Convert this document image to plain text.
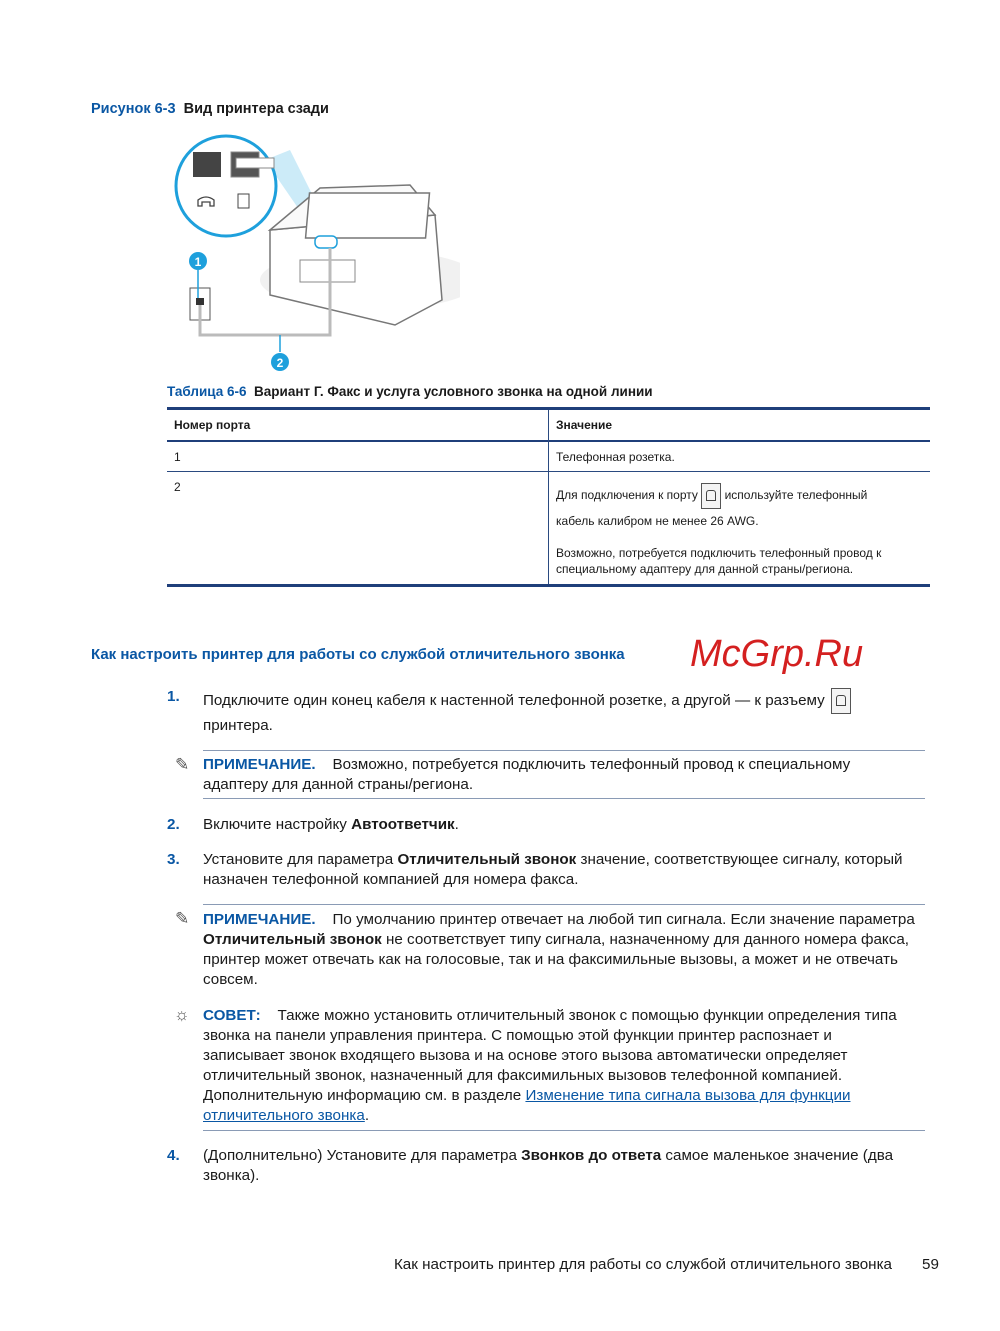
Рисунок 6-3 Вид принтера сзади
1
2
Таблица 6-6 Вариант Г. Факс и услуга условного звонка на одной линии
Номер порта	Значение
1	Телефонная розетка.
2
Для подключения к порту используйте телефонный
кабель калибром не менее 26 AWG.
Возможно, потребуется подключить телефонный провод к
специальному адаптеру для данной страны/региона.
Как настроить принтер для работы со службой отличительного звонка McGrp.Ru
1. Подключите один конец кабеля к настенной телефонной розетке, а другой — к разъему
принтера.
✎ ПРИМЕЧАНИЕ. Возможно, потребуется подключить телефонный провод к специальному
адаптеру для данной страны/региона.
2. Включите настройку Автоответчик.
3. Установите для параметра Отличительный звонок значение, соответствующее сигналу, который
назначен телефонной компанией для номера факса.
✎ ПРИМЕЧАНИЕ. По умолчанию принтер отвечает на любой тип сигнала. Если значение параметра
Отличительный звонок не соответствует типу сигнала, назначенному для данного номера факса,
принтер может отвечать как на голосовые, так и на факсимильные вызовы, а может и не отвечать
совсем.
☼ СОВЕТ: Также можно установить отличительный звонок с помощью функции определения типа
звонка на панели управления принтера. С помощью этой функции принтер распознает и
записывает звонок входящего вызова и на основе этого вызова автоматически определяет
отличительный звонок, назначенный для факсимильных вызовов телефонной компанией.
Дополнительную информацию см. в разделе Изменение типа сигнала вызова для функции
отличительного звонка.
4. (Дополнительно) Установите для параметра Звонков до ответа самое маленькое значение (два
звонка).
Как настроить принтер для работы со службой отличительного звонка 59
